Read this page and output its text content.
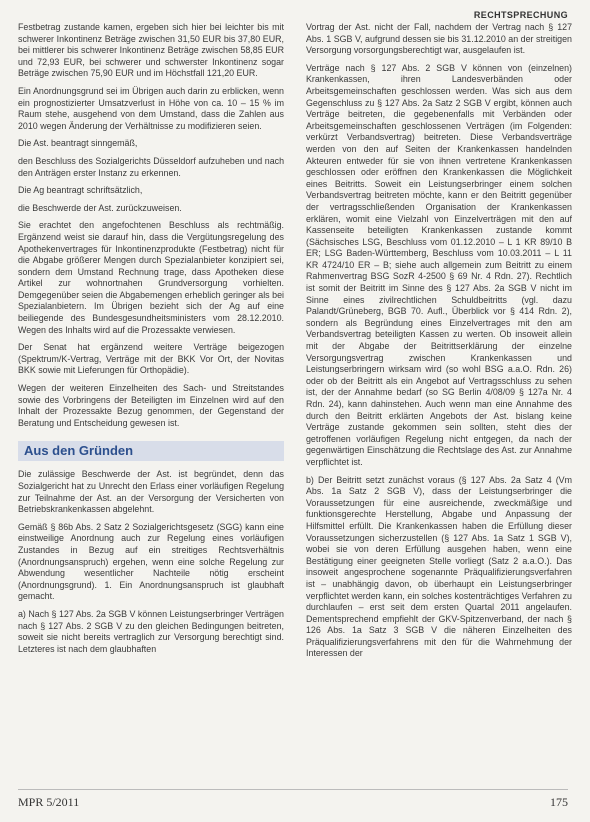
RECHTSPRECHUNG

Festbetrag zustande kamen, ergeben sich hier bei leichter bis mit schwerer Inkontinenz Beträge zwischen 31,50 EUR bis 37,80 EUR, bei mittlerer bis schwerer Inkontinenz Beträge zwischen 58,85 EUR und 72,93 EUR, bei schwerer und schwerster Inkontinenz sogar Beträge zwischen 75,90 EUR und im Höchstfall 121,20 EUR.

Ein Anordnungsgrund sei im Übrigen auch darin zu erblicken, wenn ein prognostizierter Umsatzverlust in Höhe von ca. 10 – 15 % im Raum stehe, ausgehend von dem Umstand, dass die Zahlen aus 2010 wegen Änderung der Verhältnisse zu modifizieren seien.

Die Ast. beantragt sinngemäß,

den Beschluss des Sozialgerichts Düsseldorf aufzuheben und nach den Anträgen erster Instanz zu erkennen.

Die Ag beantragt schriftsätzlich,

die Beschwerde der Ast. zurückzuweisen.

Sie erachtet den angefochtenen Beschluss als rechtmäßig. Ergänzend weist sie darauf hin, dass die Vergütungsregelung des Apothekenvertrages für Inkontinenzprodukte (Festbetrag) nicht für die Abgabe größerer Mengen durch Spezialanbieter konzipiert sei, sondern dem Umstand Rechnung trage, dass Apotheken diese Artikel zur wohnortnahen Grundversorgung vorhielten. Demgegenüber seien die Abgabemengen erheblich geringer als bei Spezialanbietern. Im Übrigen bezieht sich der Ag auf eine beiliegende des Bundesgesundheitsministers vom 28.12.2010. Wegen des Inhalts wird auf die Prozessakte verwiesen.

Der Senat hat ergänzend weitere Verträge beigezogen (Spektrum/K-Vertrag, Verträge mit der BKK Vor Ort, der Novitas BKK sowie mit Lieferungen für Orthopädie).

Wegen der weiteren Einzelheiten des Sach- und Streitstandes sowie des Vorbringens der Beteiligten im Einzelnen wird auf den Inhalt der Prozessakte Bezug genommen, der Gegenstand der Beratung und Entscheidung gewesen ist.

Aus den Gründen

Die zulässige Beschwerde der Ast. ist begründet, denn das Sozialgericht hat zu Unrecht den Erlass einer vorläufigen Regelung zur Teilnahme der Ast. an der Versorgung der Versicherten von Betriebskrankenkassen abgelehnt.

Gemäß § 86b Abs. 2 Satz 2 Sozialgerichtsgesetz (SGG) kann eine einstweilige Anordnung auch zur Regelung eines vorläufigen Zustandes in Bezug auf ein streitiges Rechtsverhältnis (Anordnungsanspruch) ergehen, wenn eine solche Regelung zur Abwendung wesentlicher Nachteile nötig erscheint (Anordnungsgrund). 1. Ein Anordnungsanspruch ist glaubhaft gemacht.

a) Nach § 127 Abs. 2a SGB V können Leistungserbringer Verträgen nach § 127 Abs. 2 SGB V zu den gleichen Bedingungen beitreten, soweit sie nicht bereits vertraglich zur Versorgung berechtigt sind. Letzteres ist nach dem glaubhaften

Vortrag der Ast. nicht der Fall, nachdem der Vertrag nach § 127 Abs. 1 SGB V, aufgrund dessen sie bis 31.12.2010 an der streitigen Versorgung vorsorgungsberechtigt war, ausgelaufen ist.

Verträge nach § 127 Abs. 2 SGB V können von (einzelnen) Krankenkassen, ihren Landesverbänden oder Arbeitsgemeinschaften geschlossen werden. Was sich aus dem Gegenschluss zu § 127 Abs. 2a Satz 2 SGB V ergibt, können auch Verträge beitreten, die gegebenenfalls mit Verbänden oder Arbeitsgemeinschaften geschlossenen Verträgen (im Folgenden: verkürzt Verbandsvertrag) beitreten. Diese Verbandsverträge werden von den auf Seiten der Krankenkassen handelnden Akteuren entweder für sie von ihnen vertretene Krankenkassen geschlossen oder eröffnen den Krankenkassen die Möglichkeit eines Beitritts. Soweit ein Leistungserbringer einem solchen Verbandsvertrag beitreten möchte, kann er den Beitritt gegenüber der vertragsschließenden Organisation der Krankenkassen erklären, womit eine Vielzahl von Einzelverträgen mit den auf Kassenseite beteiligten Krankenkassen zustande kommt (Sächsisches LSG, Beschluss vom 01.12.2010 – L 1 KR 89/10 B ER; LSG Baden-Württemberg, Beschluss vom 10.03.2011 – L 11 KR 4724/10 ER – B; siehe auch allgemein zum Beitritt zu einem Rahmenvertrag BSG SozR 4-2500 § 69 Nr. 4 Rdn. 27). Rechtlich ist somit der Beitritt im Sinne des § 127 Abs. 2a SGB V nicht im Sinne eines zivilrechtlichen Schuldbeitritts (vgl. dazu Palandt/Grüneberg, BGB 70. Aufl., Überblick vor § 414 Rdn. 2), sondern als Begründung eines Einzelvertrages mit den am Verbandsvertrag beteiligten Kassen zu werten. Ob insoweit allein mit der Abgabe der Beitrittserklärung der einzelne Versorgungsvertrag zwischen Krankenkassen und Leistungserbringern wirksam wird (so wohl BSG a.a.O. Rdn. 26) oder ob der Beitritt als ein Angebot auf Vertragsschluss zu sehen ist, der der Annahme bedarf (so SG Berlin 4/08/09 § 127a Nr. 4 Rdn. 24), kann dahinstehen. Auch wenn man eine Annahme des durch den Beitritt erklärten Angebots der Ast. bislang keine Verträge zustande gekommen sein sollten, steht dies der getroffenen vorläufigen Regelung nicht entgegen, da nach der gegenwärtigen Einschätzung die Rechtslage des Ast. zur Annahme verpflichtet ist.

b) Der Beitritt setzt zunächst voraus (§ 127 Abs. 2a Satz 4 (Vm Abs. 1a Satz 2 SGB V), dass der Leistungserbringer die Voraussetzungen für eine ausreichende, zweckmäßige und funktionsgerechte Herstellung, Abgabe und Anpassung der Hilfsmittel erfüllt. Die Krankenkassen haben die Erfüllung dieser Voraussetzungen sicherzustellen (§ 127 Abs. 1a Satz 1 SGB V), wobei sie von deren Erfüllung ausgehen haben, wenn eine Bestätigung einer geeigneten Stelle vorliegt (Satz 2 a.a.O.). Das insoweit angesprochene sogenannte Präqualifizierungsverfahren ist – unabhängig davon, ob überhaupt ein Leistungserbringer verpflichtet werden kann, ein solches kostenträchtiges Verfahren zu durchlaufen – erst seit dem ersten Quartal 2011 angelaufen. Dementsprechend empfiehlt der GKV-Spitzenverband, der nach § 126 Abs. 1a Satz 3 SGB V die näheren Einzelheiten des Präqualifizierungsverfahrens mit den für die Wahrnehmung der Interessen der

MPR 5/2011	175
